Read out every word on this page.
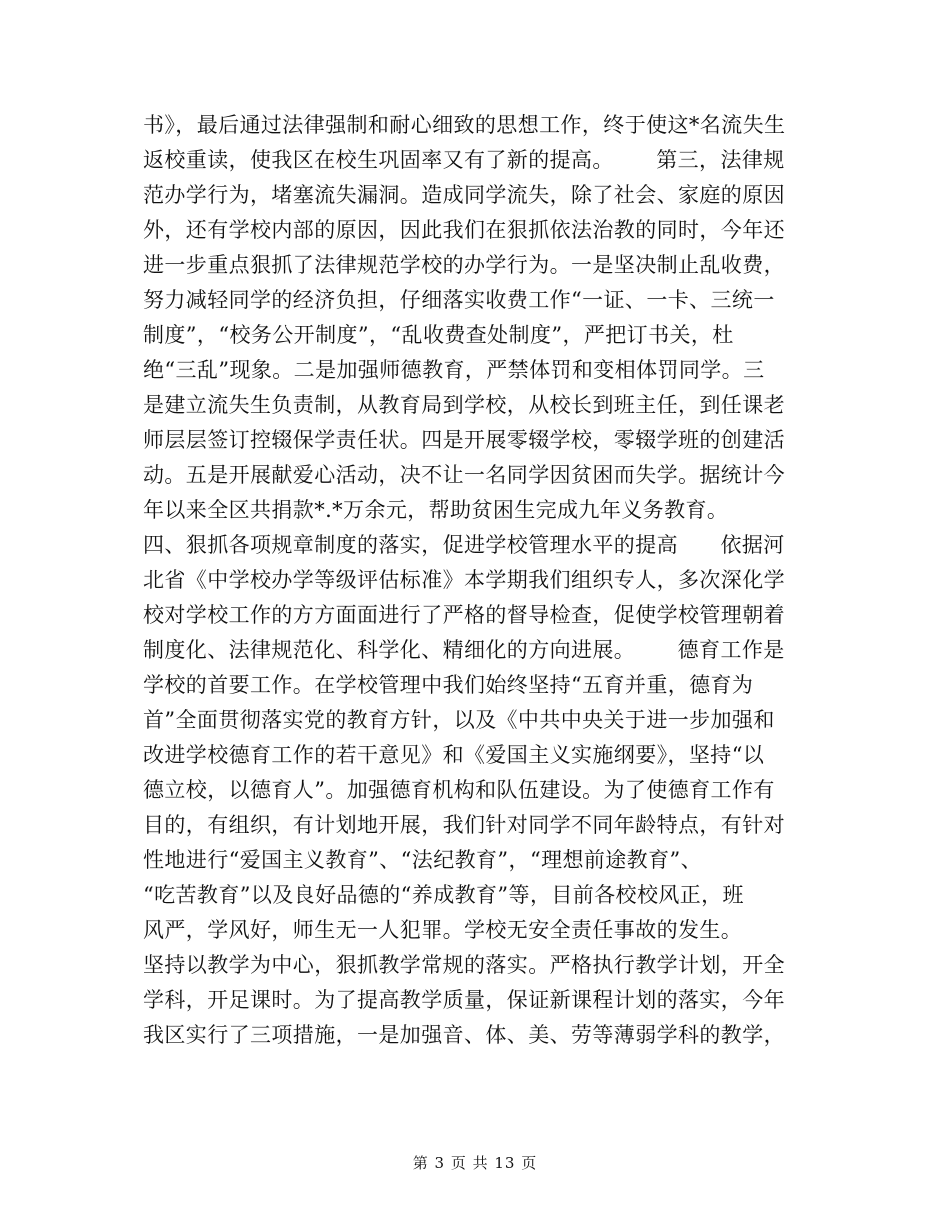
书》，最后通过法律强制和耐心细致的思想工作，终于使这*名流失生
返校重读，使我区在校生巩固率又有了新的提高。      第三，法律规
范办学行为，堵塞流失漏洞。造成同学流失，除了社会、家庭的原因
外，还有学校内部的原因，因此我们在狠抓依法治教的同时，今年还
进一步重点狠抓了法律规范学校的办学行为。一是坚决制止乱收费，
努力减轻同学的经济负担，仔细落实收费工作“一证、一卡、三统一
制度”，“校务公开制度”，“乱收费查处制度”，严把订书关，杜
绝“三乱”现象。二是加强师德教育，严禁体罚和变相体罚同学。三
是建立流失生负责制，从教育局到学校，从校长到班主任，到任课老
师层层签订控辍保学责任状。四是开展零辍学校，零辍学班的创建活
动。五是开展献爱心活动，决不让一名同学因贫困而失学。据统计今
年以来全区共捐款*.*万余元，帮助贫困生完成九年义务教育。
四、狠抓各项规章制度的落实，促进学校管理水平的提高      依据河
北省《中学校办学等级评估标准》本学期我们组织专人，多次深化学
校对学校工作的方方面面进行了严格的督导检查，促使学校管理朝着
制度化、法律规范化、科学化、精细化的方向进展。      德育工作是
学校的首要工作。在学校管理中我们始终坚持“五育并重，德育为
首”全面贯彻落实党的教育方针，以及《中共中央关于进一步加强和
改进学校德育工作的若干意见》和《爱国主义实施纲要》，坚持“以
德立校，以德育人”。加强德育机构和队伍建设。为了使德育工作有
目的，有组织，有计划地开展，我们针对同学不同年龄特点，有针对
性地进行“爱国主义教育”、“法纪教育”，“理想前途教育”、
“吃苦教育”以及良好品德的“养成教育”等，目前各校校风正，班
风严，学风好，师生无一人犯罪。学校无安全责任事故的发生。
坚持以教学为中心，狠抓教学常规的落实。严格执行教学计划，开全
学科，开足课时。为了提高教学质量，保证新课程计划的落实，今年
我区实行了三项措施，一是加强音、体、美、劳等薄弱学科的教学，
第 3 页 共 13 页
